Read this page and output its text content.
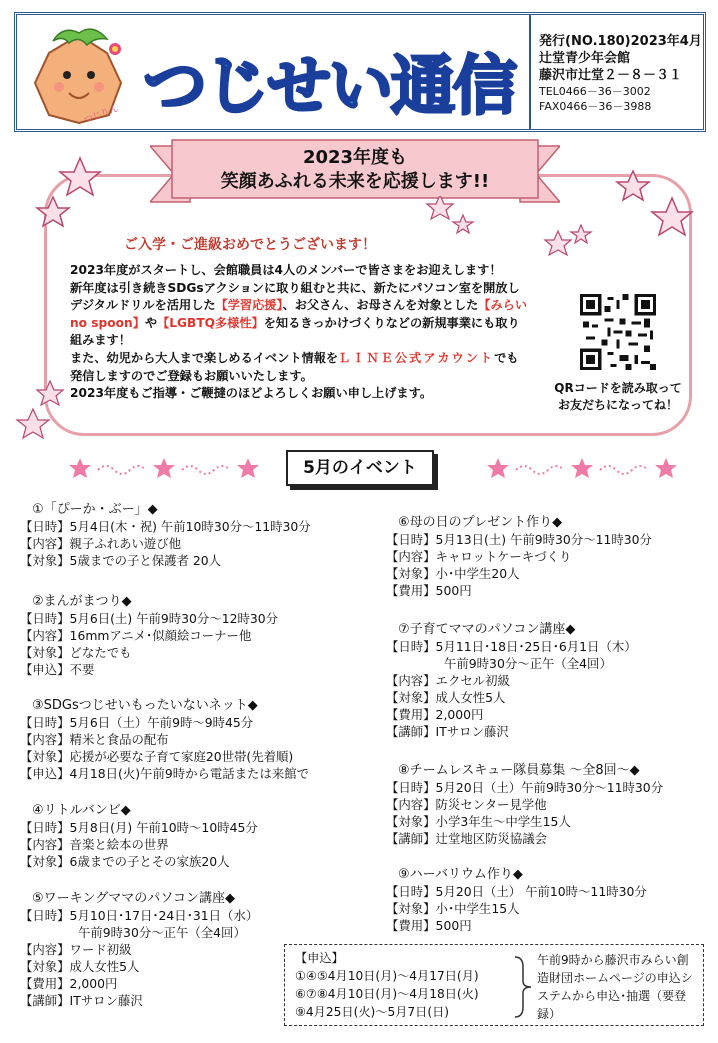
つじりん つじせい通信
発行(NO.180)2023年4月
辻堂青少年会館
藤沢市辻堂２－８－３１
TEL0466－36－3002
FAX0466－36－3988
2023年度も
笑顔あふれる未来を応援します!!
ご入学・ご進級おめでとうございます！
2023年度がスタートし、会館職員は4人のメンバーで皆さまをお迎えします！
新年度は引き続きSDGsアクションに取り組むと共に、新たにパソコン室を開放しデジタルドリルを活用した【学習応援】、お父さん、お母さんを対象とした【みらい no spoon】や【LGBTQ多様性】を知るきっかけづくりなどの新規事業にも取り組みます！
また、幼児から大人まで楽しめるイベント情報をＬＩＮＥ公式アカウントでも発信しますのでご登録もお願いいたします。
2023年度もご指導・ご鞭撻のほどよろしくお願い申し上げます。	QRコードを読み取って
お友だちになってね！
5月のイベント
①「ぴーか・ぶー」◆
【日時】5月4日(木・祝) 午前10時30分～11時30分
【内容】親子ふれあい遊び他
【対象】5歳までの子と保護者 20人
②まんがまつり◆
【日時】5月6日(土) 午前9時30分～12時30分
【内容】16mmアニメ･似顔絵コーナー他
【対象】どなたでも
【申込】不要
③SDGsつじせいもったいないネット◆
【日時】5月6日（土）午前9時～9時45分
【内容】精米と食品の配布
【対象】応援が必要な子育て家庭20世帯(先着順)
【申込】4月18日(火)午前9時から電話または来館で
④リトルバンビ◆
【日時】5月8日(月) 午前10時～10時45分
【内容】音楽と絵本の世界
【対象】6歳までの子とその家族20人
⑤ワーキングママのパソコン講座◆
【日時】5月10日･17日･24日･31日（水）
午前9時30分～正午（全4回）
【内容】ワード初級
【対象】成人女性5人
【費用】2,000円
【講師】ITサロン藤沢
⑥母の日のプレゼント作り◆
【日時】5月13日(土) 午前9時30分～11時30分
【内容】キャロットケーキづくり
【対象】小･中学生20人
【費用】500円
⑦子育てママのパソコン講座◆
【日時】5月11日･18日･25日･6月1日（木）
午前9時30分～正午（全4回）
【内容】エクセル初級
【対象】成人女性5人
【費用】2,000円
【講師】ITサロン藤沢
⑧チームレスキュー隊員募集 ～全8回～◆
【日時】5月20日（土）午前9時30分～11時30分
【内容】防災センター見学他
【対象】小学3年生～中学生15人
【講師】辻堂地区防災協議会
⑨ハーバリウム作り◆
【日時】5月20日（土） 午前10時～11時30分
【対象】小･中学生15人
【費用】500円
【申込】
①④⑤4月10日(月)～4月17日(月)
⑥⑦⑧4月10日(月)～4月18日(火)
⑨4月25日(火)～5月7日(日)
午前9時から藤沢市みらい創造財団ホームページの申込システムから申込･抽選（要登録）
